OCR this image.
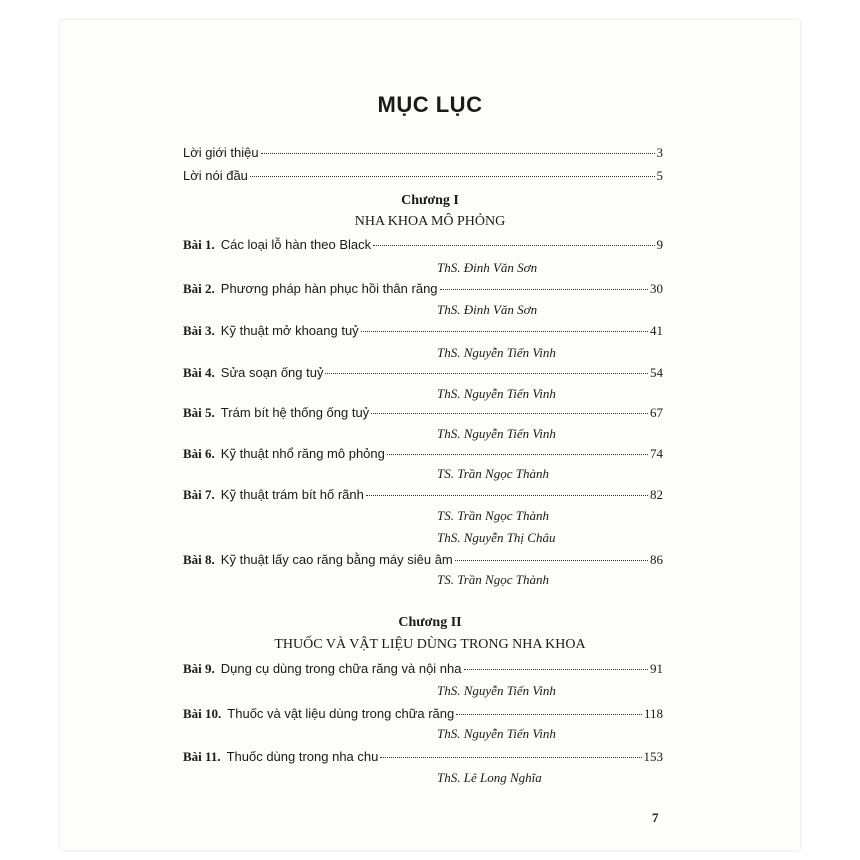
MỤC LỤC
Lời giới thiệu	3
Lời nói đầu	5
Chương I
NHA KHOA MÔ PHỎNG
Bài 1. Các loại lỗ hàn theo Black	9
ThS. Đinh Văn Sơn
Bài 2. Phương pháp hàn phục hồi thân răng	30
ThS. Đinh Văn Sơn
Bài 3. Kỹ thuật mở khoang tuỷ	41
ThS. Nguyễn Tiến Vinh
Bài 4. Sửa soạn ống tuỷ	54
ThS. Nguyễn Tiến Vinh
Bài 5. Trám bít hệ thống ống tuỷ	67
ThS. Nguyễn Tiến Vinh
Bài 6. Kỹ thuật nhổ răng mô phỏng	74
TS. Trần Ngọc Thành
Bài 7. Kỹ thuật trám bít hố rãnh	82
TS. Trần Ngọc Thành
ThS. Nguyễn Thị Châu
Bài 8. Kỹ thuật lấy cao răng bằng máy siêu âm	86
TS. Trần Ngọc Thành
Chương II
THUỐC VÀ VẬT LIỆU DÙNG TRONG NHA KHOA
Bài 9. Dụng cụ dùng trong chữa răng và nội nha	91
ThS. Nguyễn Tiến Vinh
Bài 10. Thuốc và vật liệu dùng trong chữa răng	118
ThS. Nguyễn Tiến Vinh
Bài 11. Thuốc dùng trong nha chu	153
ThS. Lê Long Nghĩa
7
